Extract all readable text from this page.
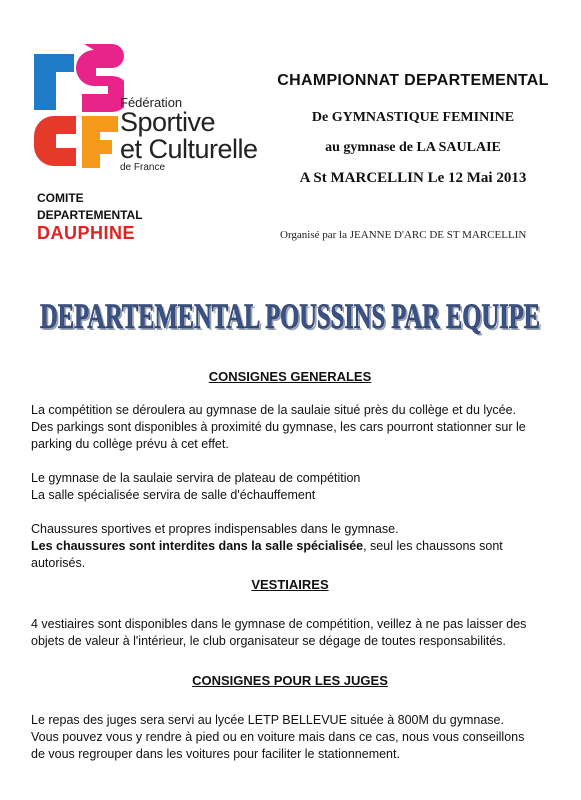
Fédération
Sportive
et Culturelle
de France
COMITE
DEPARTEMENTAL
DAUPHINE
CHAMPIONNAT DEPARTEMENTAL
De GYMNASTIQUE FEMININE
au gymnase de LA SAULAIE
A St MARCELLIN Le 12 Mai 2013
Organisé par la JEANNE D'ARC DE ST MARCELLIN
DEPARTEMENTAL POUSSINS PAR EQUIPE
DEPARTEMENTAL POUSSINS PAR EQUIPE
CONSIGNES GENERALES

La compétition se déroulera au gymnase de la saulaie situé près du collège et du lycée.

Des parkings sont disponibles à proximité du gymnase, les cars pourront stationner sur le

parking du collège prévu à cet effet.

Le gymnase de la saulaie servira de plateau de compétition

La salle spécialisée servira de salle d'échauffement

Chaussures sportives et propres indispensables dans le gymnase.

Les chaussures sont interdites dans la salle spécialisée, seul les chaussons sont

autorisés.

VESTIAIRES

4 vestiaires sont disponibles dans le gymnase de compétition, veillez à ne pas laisser des

objets de valeur à l'intérieur, le club organisateur se dégage de toutes responsabilités.

CONSIGNES POUR LES JUGES

Le repas des juges sera servi au lycée LETP BELLEVUE située à 800M du gymnase.

Vous pouvez vous y rendre à pied ou en voiture mais dans ce cas, nous vous conseillons

de vous regrouper dans les voitures pour faciliter le stationnement.
